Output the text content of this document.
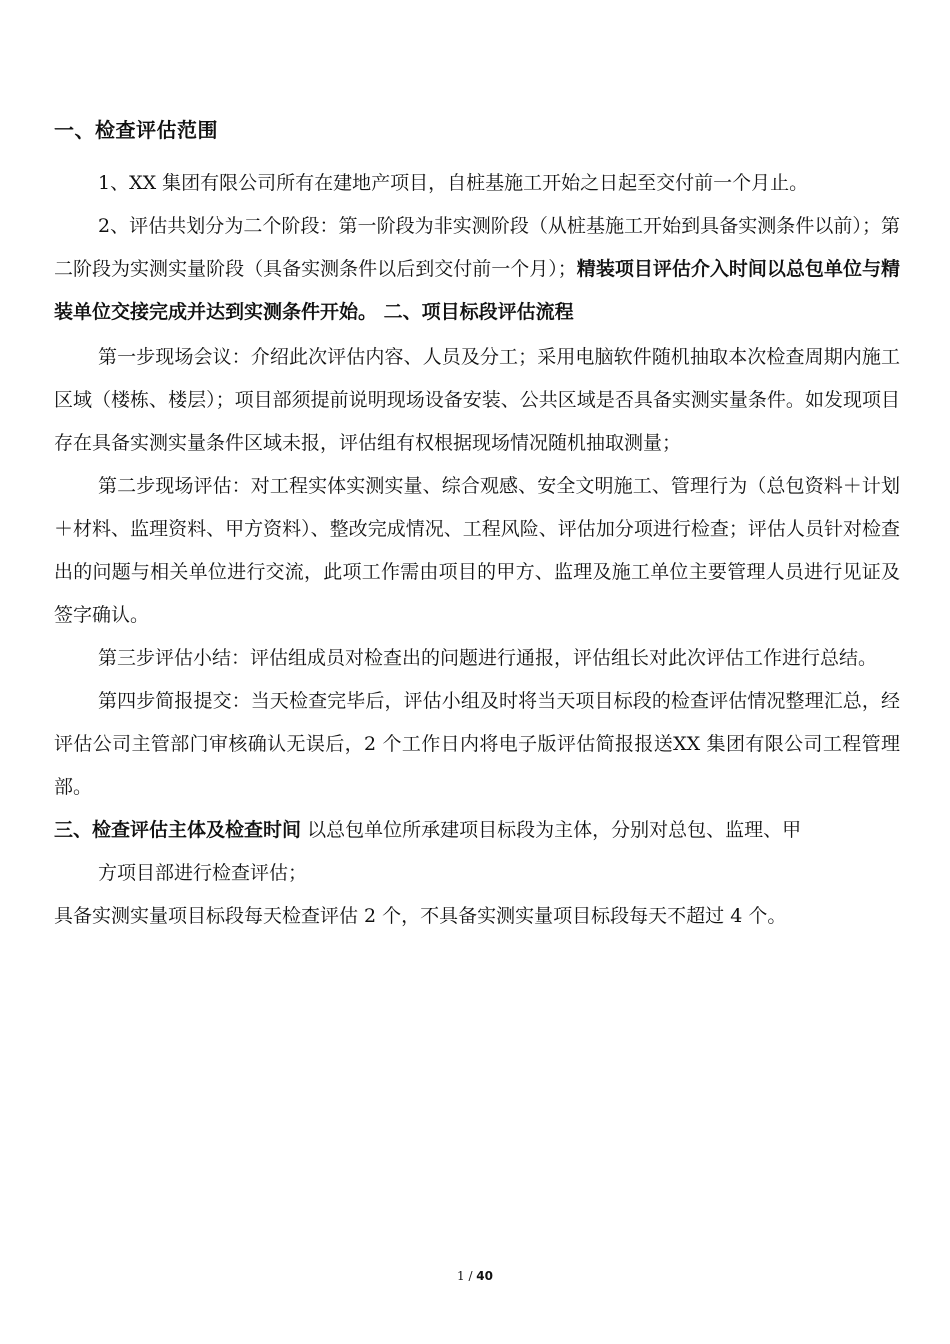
一、检查评估范围

1、XX 集团有限公司所有在建地产项目，自桩基施工开始之日起至交付前一个月止。

2、评估共划分为二个阶段：第一阶段为非实测阶段（从桩基施工开始到具备实测条件以前）；第二阶段为实测实量阶段（具备实测条件以后到交付前一个月）；精装项目评估介入时间以总包单位与精装单位交接完成并达到实测条件开始。 二、项目标段评估流程

第一步现场会议：介绍此次评估内容、人员及分工；采用电脑软件随机抽取本次检查周期内施工区域（楼栋、楼层）；项目部须提前说明现场设备安装、公共区域是否具备实测实量条件。如发现项目存在具备实测实量条件区域未报，评估组有权根据现场情况随机抽取测量；

第二步现场评估：对工程实体实测实量、综合观感、安全文明施工、管理行为（总包资料＋计划＋材料、监理资料、甲方资料）、整改完成情况、工程风险、评估加分项进行检查；评估人员针对检查出的问题与相关单位进行交流，此项工作需由项目的甲方、监理及施工单位主要管理人员进行见证及签字确认。

第三步评估小结：评估组成员对检查出的问题进行通报，评估组长对此次评估工作进行总结。

第四步简报提交：当天检查完毕后，评估小组及时将当天项目标段的检查评估情况整理汇总，经评估公司主管部门审核确认无误后，2 个工作日内将电子版评估简报报送XX 集团有限公司工程管理部。

三、检查评估主体及检查时间 以总包单位所承建项目标段为主体，分别对总包、监理、甲
方项目部进行检查评估；

具备实测实量项目标段每天检查评估 2 个，不具备实测实量项目标段每天不超过 4 个。

1 / 40
